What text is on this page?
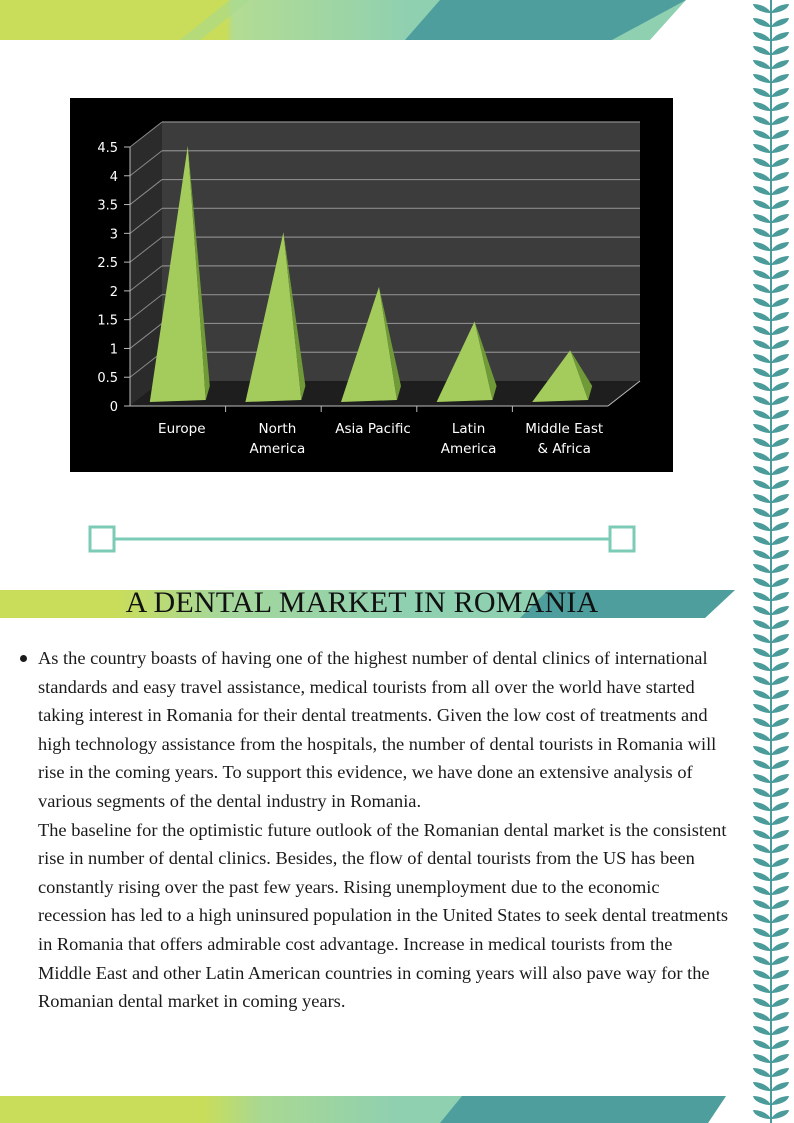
0
0.5
1
1.5
2
2.5
3
3.5
4
4.5
Europe	North
America
Asia Pacific	Latin
America
Middle East
& Africa
A DENTAL MARKET IN ROMANIA

As the country boasts of having one of the highest number of dental clinics of international standards and easy travel assistance, medical tourists from all over the world have started taking interest in Romania for their dental treatments. Given the low cost of treatments and high technology assistance from the hospitals, the number of dental tourists in Romania will rise in the coming years. To support this evidence, we have done an extensive analysis of various segments of the dental industry in Romania.

The baseline for the optimistic future outlook of the Romanian dental market is the consistent rise in number of dental clinics. Besides, the flow of dental tourists from the US has been constantly rising over the past few years. Rising unemployment due to the economic recession has led to a high uninsured population in the United States to seek dental treatments in Romania that offers admirable cost advantage. Increase in medical tourists from the Middle East and other Latin American countries in coming years will also pave way for the Romanian dental market in coming years.
